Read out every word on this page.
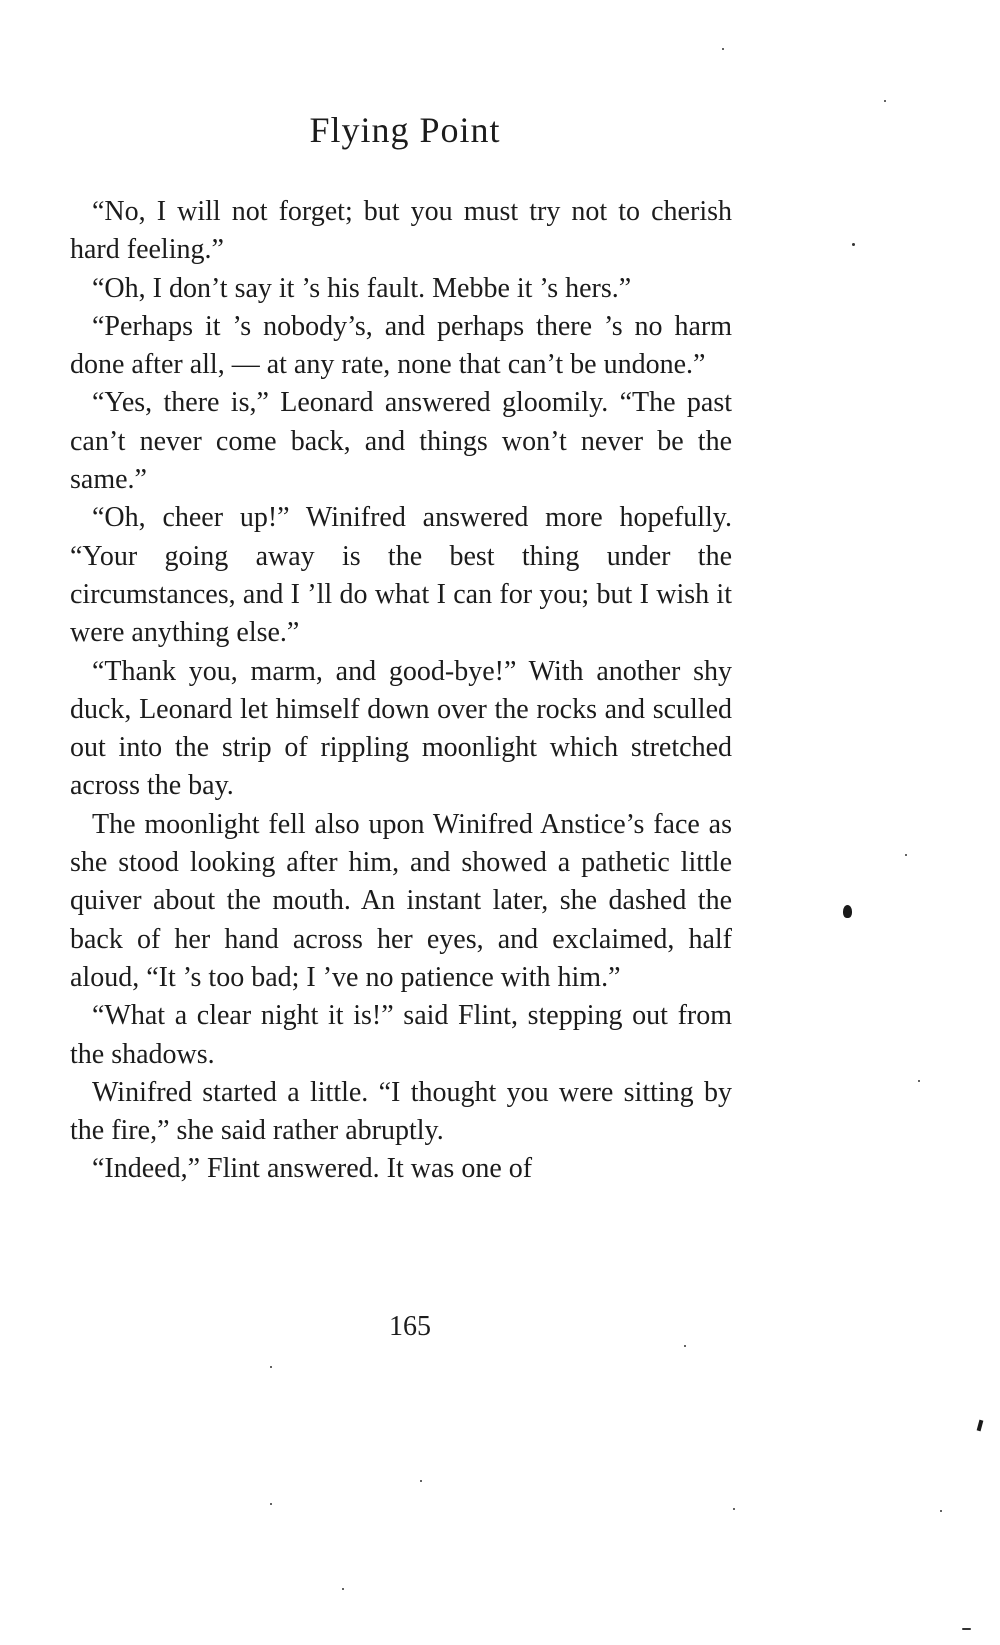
Flying Point

“No, I will not forget; but you must try not to cherish hard feeling.”

“Oh, I don’t say it ’s his fault. Mebbe it ’s hers.”

“Perhaps it ’s nobody’s, and perhaps there ’s no harm done after all, — at any rate, none that can’t be undone.”

“Yes, there is,” Leonard answered gloomily. “The past can’t never come back, and things won’t never be the same.”

“Oh, cheer up!” Winifred answered more hopefully. “Your going away is the best thing under the circumstances, and I ’ll do what I can for you; but I wish it were anything else.”

“Thank you, marm, and good-bye!” With another shy duck, Leonard let himself down over the rocks and sculled out into the strip of rippling moonlight which stretched across the bay.

The moonlight fell also upon Winifred Anstice’s face as she stood looking after him, and showed a pathetic little quiver about the mouth. An instant later, she dashed the back of her hand across her eyes, and exclaimed, half aloud, “It ’s too bad; I ’ve no patience with him.”

“What a clear night it is!” said Flint, stepping out from the shadows.

Winifred started a little. “I thought you were sitting by the fire,” she said rather abruptly.

“Indeed,” Flint answered. It was one of

165
